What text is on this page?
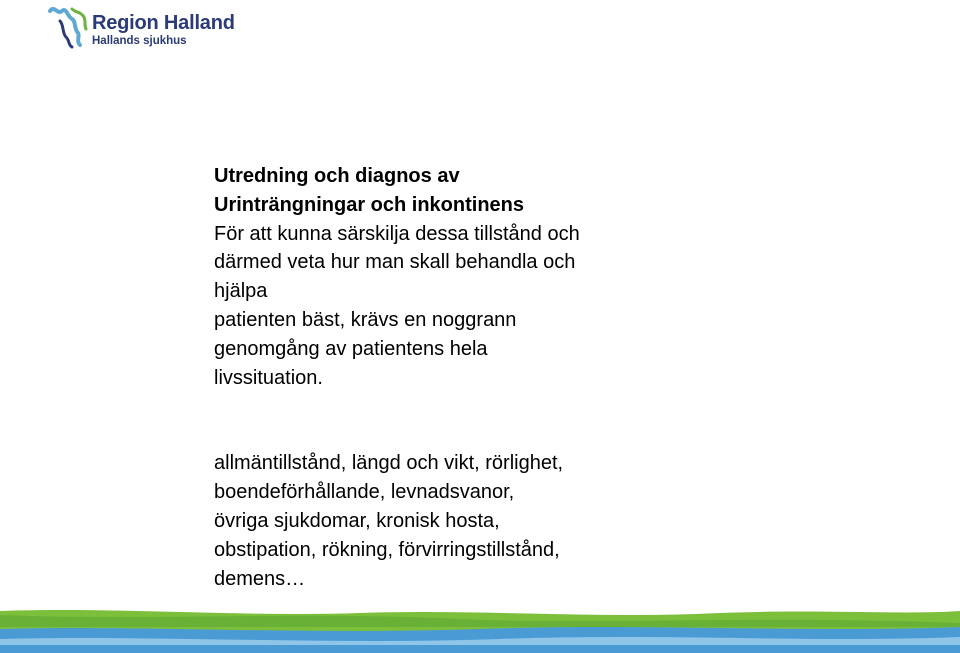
Region Halland
Hallands sjukhus
Utredning och diagnos av
Urinträngningar och inkontinens
För att kunna särskilja dessa tillstånd och
därmed veta hur man skall behandla och
hjälpa
patienten bäst, krävs en noggrann
genomgång av patientens hela
livssituation.
allmäntillstånd, längd och vikt, rörlighet,
boendeförhållande, levnadsvanor,
övriga sjukdomar, kronisk hosta,
obstipation, rökning, förvirringstillstånd,
demens…
